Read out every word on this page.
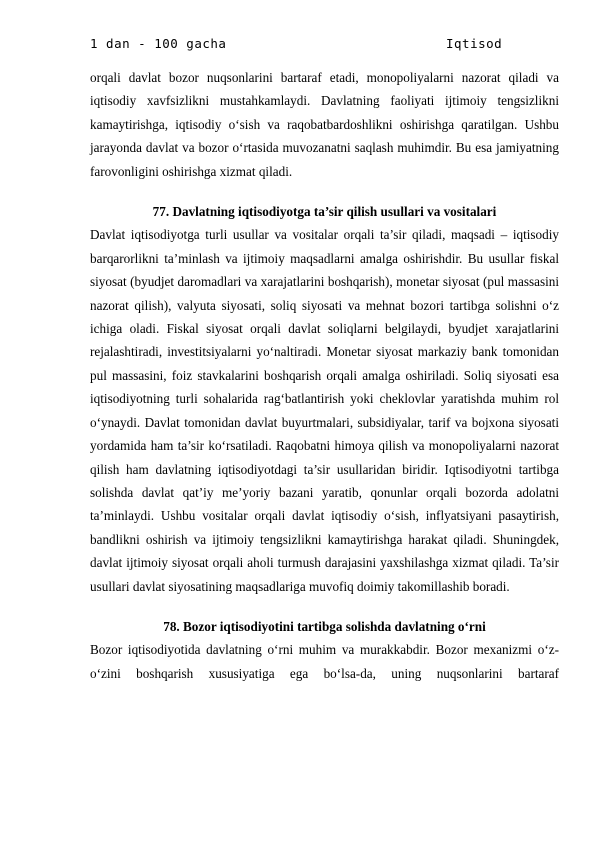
1 dan - 100 gacha	Iqtisod

orqali davlat bozor nuqsonlarini bartaraf etadi, monopoliyalarni nazorat qiladi va iqtisodiy xavfsizlikni mustahkamlaydi. Davlatning faoliyati ijtimoiy tengsizlikni kamaytirishga, iqtisodiy o‘sish va raqobatbardoshlikni oshirishga qaratilgan. Ushbu jarayonda davlat va bozor o‘rtasida muvozanatni saqlash muhimdir. Bu esa jamiyatning farovonligini oshirishga xizmat qiladi.

77. Davlatning iqtisodiyotga ta’sir qilish usullari va vositalari

Davlat iqtisodiyotga turli usullar va vositalar orqali ta’sir qiladi, maqsadi – iqtisodiy barqarorlikni ta’minlash va ijtimoiy maqsadlarni amalga oshirishdir. Bu usullar fiskal siyosat (byudjet daromadlari va xarajatlarini boshqarish), monetar siyosat (pul massasini nazorat qilish), valyuta siyosati, soliq siyosati va mehnat bozori tartibga solishni o‘z ichiga oladi. Fiskal siyosat orqali davlat soliqlarni belgilaydi, byudjet xarajatlarini rejalashtiradi, investitsiyalarni yo‘naltiradi. Monetar siyosat markaziy bank tomonidan pul massasini, foiz stavkalarini boshqarish orqali amalga oshiriladi. Soliq siyosati esa iqtisodiyotning turli sohalarida rag‘batlantirish yoki cheklovlar yaratishda muhim rol o‘ynaydi. Davlat tomonidan davlat buyurtmalari, subsidiyalar, tarif va bojxona siyosati yordamida ham ta’sir ko‘rsatiladi. Raqobatni himoya qilish va monopoliyalarni nazorat qilish ham davlatning iqtisodiyotdagi ta’sir usullaridan biridir. Iqtisodiyotni tartibga solishda davlat qat’iy me’yoriy bazani yaratib, qonunlar orqali bozorda adolatni ta’minlaydi. Ushbu vositalar orqali davlat iqtisodiy o‘sish, inflyatsiyani pasaytirish, bandlikni oshirish va ijtimoiy tengsizlikni kamaytirishga harakat qiladi. Shuningdek, davlat ijtimoiy siyosat orqali aholi turmush darajasini yaxshilashga xizmat qiladi. Ta’sir usullari davlat siyosatining maqsadlariga muvofiq doimiy takomillashib boradi.

78. Bozor iqtisodiyotini tartibga solishda davlatning o‘rni

Bozor iqtisodiyotida davlatning o‘rni muhim va murakkabdir. Bozor mexanizmi o‘z-o‘zini boshqarish xususiyatiga ega bo‘lsa-da, uning nuqsonlarini bartaraf
